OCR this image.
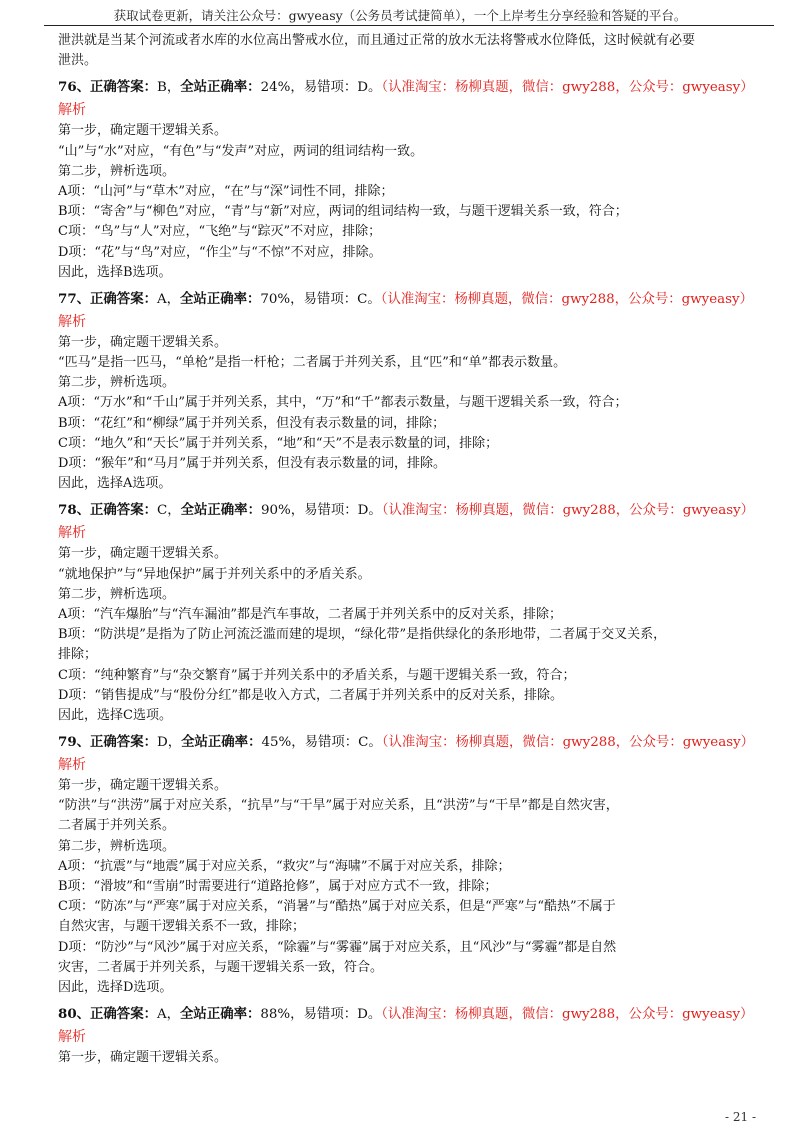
获取试卷更新，请关注公众号：gwyeasy（公务员考试捷简单），一个上岸考生分享经验和答疑的平台。
泄洪就是当某个河流或者水库的水位高出警戒水位，而且通过正常的放水无法将警戒水位降低，这时候就有必要
泄洪。
76、正确答案：B，全站正确率：24%，易错项：D。（认准淘宝：杨柳真题，微信：gwy288，公众号：gwyeasy）
解析
第一步，确定题干逻辑关系。
“山”与“水”对应，“有色”与“发声”对应，两词的组词结构一致。
第二步，辨析选项。
A项：“山河”与“草木”对应，“在”与“深”词性不同，排除；
B项：“寄舍”与“柳色”对应，“青”与“新”对应，两词的组词结构一致，与题干逻辑关系一致，符合；
C项：“鸟”与“人”对应，“飞绝”与“踪灭”不对应，排除；
D项：“花”与“鸟”对应，“作尘”与“不惊”不对应，排除。
因此，选择B选项。
77、正确答案：A，全站正确率：70%，易错项：C。（认准淘宝：杨柳真题，微信：gwy288，公众号：gwyeasy）
解析
第一步，确定题干逻辑关系。
“匹马”是指一匹马，“单枪”是指一杆枪；二者属于并列关系，且“匹”和“单”都表示数量。
第二步，辨析选项。
A项：“万水”和“千山”属于并列关系，其中，“万”和“千”都表示数量，与题干逻辑关系一致，符合；
B项：“花红”和“柳绿”属于并列关系，但没有表示数量的词，排除；
C项：“地久”和“天长”属于并列关系，“地”和“天”不是表示数量的词，排除；
D项：“猴年”和“马月”属于并列关系，但没有表示数量的词，排除。
因此，选择A选项。
78、正确答案：C，全站正确率：90%，易错项：D。（认准淘宝：杨柳真题，微信：gwy288，公众号：gwyeasy）
解析
第一步，确定题干逻辑关系。
“就地保护”与“异地保护”属于并列关系中的矛盾关系。
第二步，辨析选项。
A项：“汽车爆胎”与“汽车漏油”都是汽车事故，二者属于并列关系中的反对关系，排除；
B项：“防洪堤”是指为了防止河流泛滥而建的堤坝，“绿化带”是指供绿化的条形地带，二者属于交叉关系，
排除；
C项：“纯种繁育”与“杂交繁育”属于并列关系中的矛盾关系，与题干逻辑关系一致，符合；
D项：“销售提成”与“股份分红”都是收入方式，二者属于并列关系中的反对关系，排除。
因此，选择C选项。
79、正确答案：D，全站正确率：45%，易错项：C。（认准淘宝：杨柳真题，微信：gwy288，公众号：gwyeasy）
解析
第一步，确定题干逻辑关系。
“防洪”与“洪涝”属于对应关系，“抗旱”与“干旱”属于对应关系，且“洪涝”与“干旱”都是自然灾害，
二者属于并列关系。
第二步，辨析选项。
A项：“抗震”与“地震”属于对应关系，“救灾”与“海啸”不属于对应关系，排除；
B项：“滑坡”和“雪崩”时需要进行“道路抢修”，属于对应方式不一致，排除；
C项：“防冻”与“严寒”属于对应关系，“消暑”与“酷热”属于对应关系，但是“严寒”与“酷热”不属于
自然灾害，与题干逻辑关系不一致，排除；
D项：“防沙”与“风沙”属于对应关系，“除霾”与“雾霾”属于对应关系，且“风沙”与“雾霾”都是自然
灾害，二者属于并列关系，与题干逻辑关系一致，符合。
因此，选择D选项。
80、正确答案：A，全站正确率：88%，易错项：D。（认准淘宝：杨柳真题，微信：gwy288，公众号：gwyeasy）
解析
第一步，确定题干逻辑关系。
- 21 -
